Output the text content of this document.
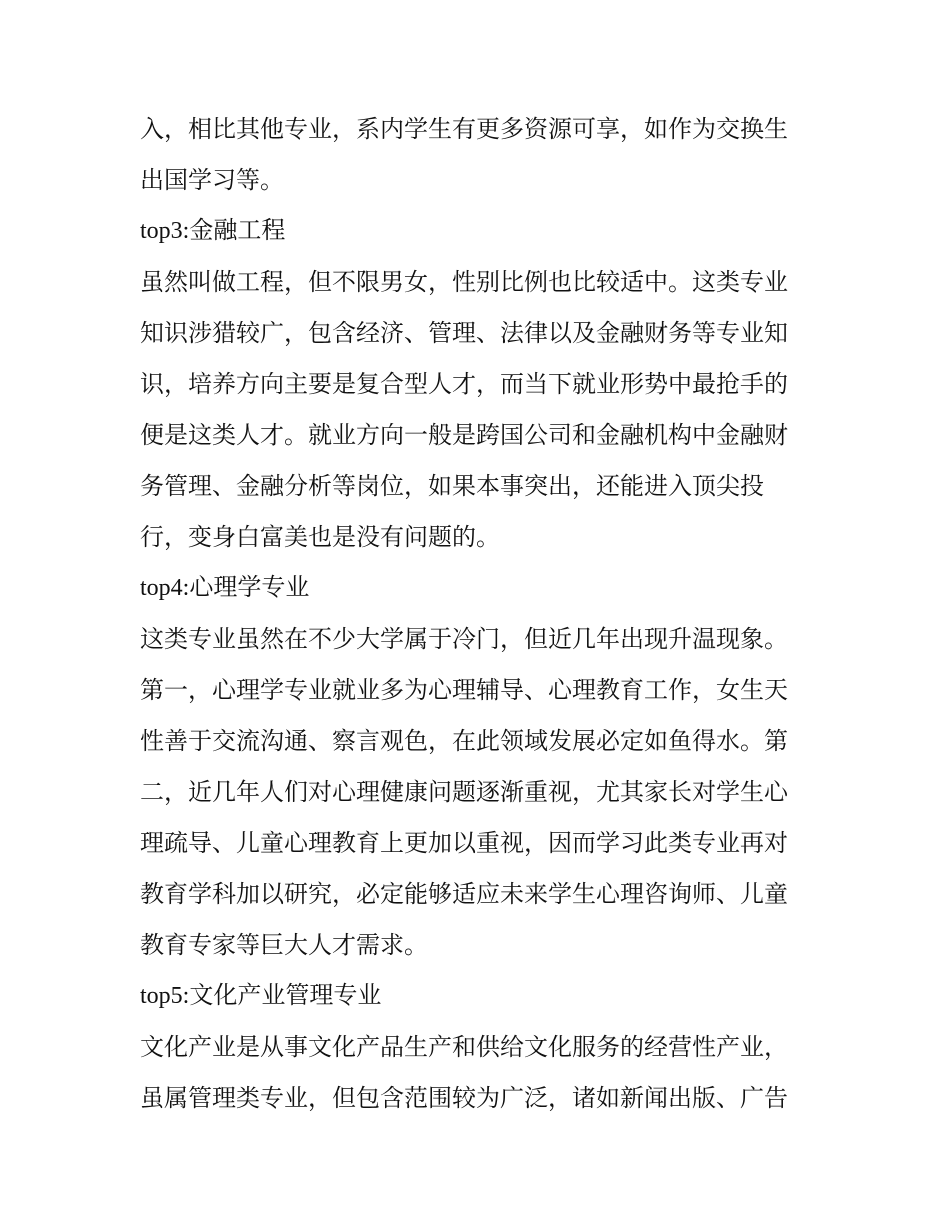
入，相比其他专业，系内学生有更多资源可享，如作为交换生
出国学习等。
top3:金融工程
虽然叫做工程，但不限男女，性别比例也比较适中。这类专业
知识涉猎较广，包含经济、管理、法律以及金融财务等专业知
识，培养方向主要是复合型人才，而当下就业形势中最抢手的
便是这类人才。就业方向一般是跨国公司和金融机构中金融财
务管理、金融分析等岗位，如果本事突出，还能进入顶尖投
行，变身白富美也是没有问题的。
top4:心理学专业
这类专业虽然在不少大学属于冷门，但近几年出现升温现象。
第一，心理学专业就业多为心理辅导、心理教育工作，女生天
性善于交流沟通、察言观色，在此领域发展必定如鱼得水。第
二，近几年人们对心理健康问题逐渐重视，尤其家长对学生心
理疏导、儿童心理教育上更加以重视，因而学习此类专业再对
教育学科加以研究，必定能够适应未来学生心理咨询师、儿童
教育专家等巨大人才需求。
top5:文化产业管理专业
文化产业是从事文化产品生产和供给文化服务的经营性产业，
虽属管理类专业，但包含范围较为广泛，诸如新闻出版、广告
